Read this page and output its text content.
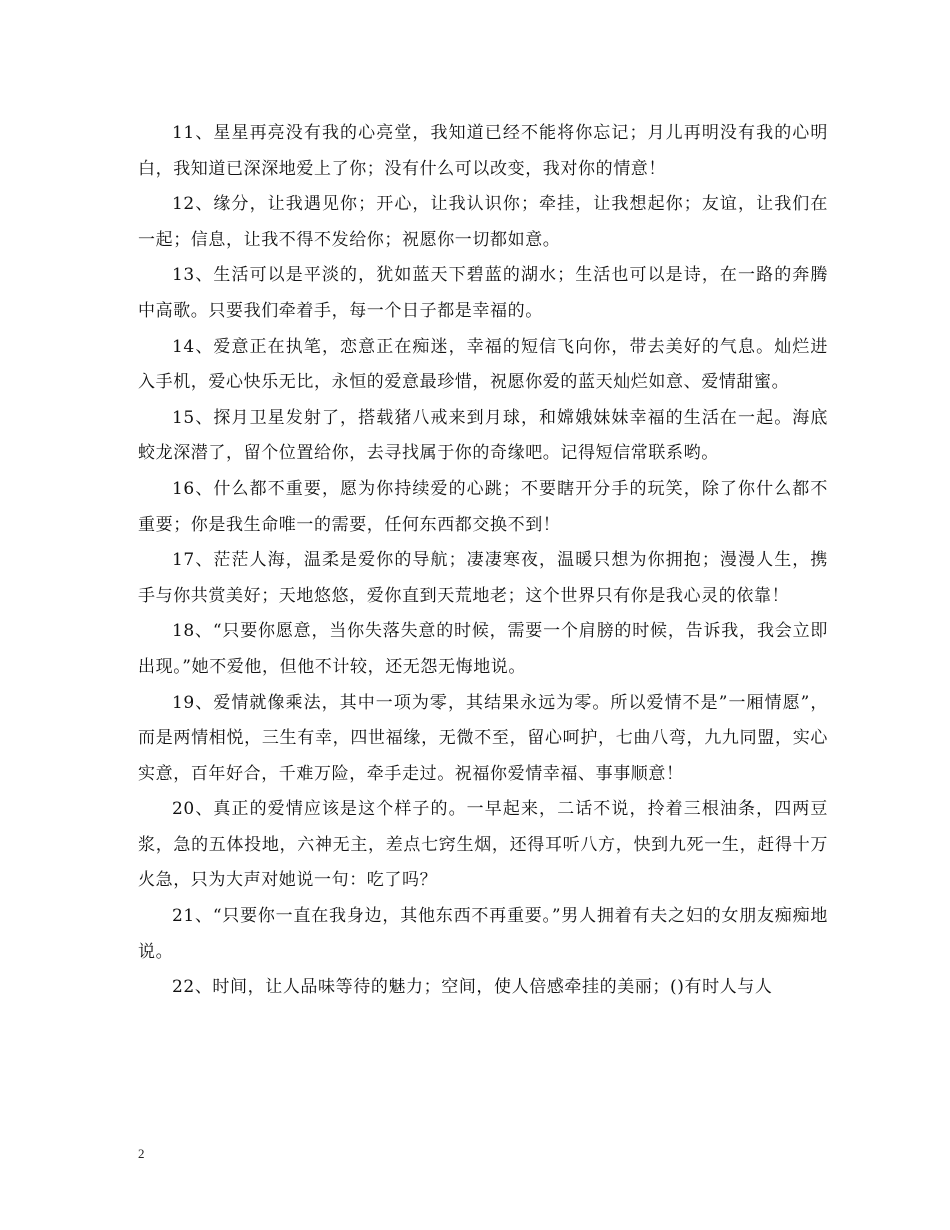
11、星星再亮没有我的心亮堂，我知道已经不能将你忘记；月儿再明没有我的心明白，我知道已深深地爱上了你；没有什么可以改变，我对你的情意！

12、缘分，让我遇见你；开心，让我认识你；牵挂，让我想起你；友谊，让我们在一起；信息，让我不得不发给你；祝愿你一切都如意。

13、生活可以是平淡的，犹如蓝天下碧蓝的湖水；生活也可以是诗，在一路的奔腾中高歌。只要我们牵着手，每一个日子都是幸福的。

14、爱意正在执笔，恋意正在痴迷，幸福的短信飞向你，带去美好的气息。灿烂进入手机，爱心快乐无比，永恒的爱意最珍惜，祝愿你爱的蓝天灿烂如意、爱情甜蜜。

15、探月卫星发射了，搭载猪八戒来到月球，和嫦娥妹妹幸福的生活在一起。海底蛟龙深潜了，留个位置给你，去寻找属于你的奇缘吧。记得短信常联系哟。

16、什么都不重要，愿为你持续爱的心跳；不要瞎开分手的玩笑，除了你什么都不重要；你是我生命唯一的需要，任何东西都交换不到！

17、茫茫人海，温柔是爱你的导航；凄凄寒夜，温暖只想为你拥抱；漫漫人生，携手与你共赏美好；天地悠悠，爱你直到天荒地老；这个世界只有你是我心灵的依靠！

18、“只要你愿意，当你失落失意的时候，需要一个肩膀的时候，告诉我，我会立即出现。”她不爱他，但他不计较，还无怨无悔地说。

19、爱情就像乘法，其中一项为零，其结果永远为零。所以爱情不是”一厢情愿”，而是两情相悦，三生有幸，四世福缘，无微不至，留心呵护，七曲八弯，九九同盟，实心实意，百年好合，千难万险，牵手走过。祝福你爱情幸福、事事顺意！

20、真正的爱情应该是这个样子的。一早起来，二话不说，拎着三根油条，四两豆浆，急的五体投地，六神无主，差点七窍生烟，还得耳听八方，快到九死一生，赶得十万火急，只为大声对她说一句：吃了吗？

21、“只要你一直在我身边，其他东西不再重要。”男人拥着有夫之妇的女朋友痴痴地说。

22、时间，让人品味等待的魅力；空间，使人倍感牵挂的美丽；()有时人与人

2
